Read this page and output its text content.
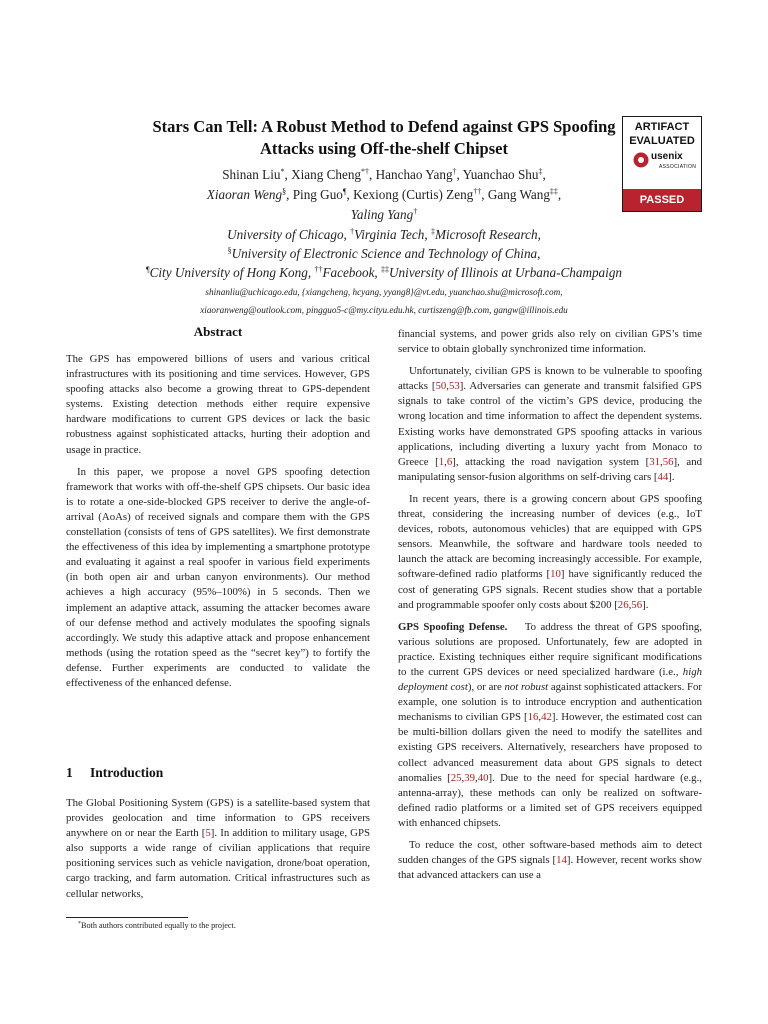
Stars Can Tell: A Robust Method to Defend against GPS Spoofing Attacks using Off-the-shelf Chipset
ARTIFACT
EVALUATED
usenix
ASSOCIATION
PASSED
Shinan Liu*, Xiang Cheng*†, Hanchao Yang†, Yuanchao Shu‡,
Xiaoran Weng§, Ping Guo¶, Kexiong (Curtis) Zeng††, Gang Wang‡‡,
Yaling Yang†
University of Chicago, †Virginia Tech, ‡Microsoft Research,
§University of Electronic Science and Technology of China,
¶City University of Hong Kong, ††Facebook, ‡‡University of Illinois at Urbana-Champaign
shinanliu@uchicago.edu, {xiangcheng, hcyang, yyang8}@vt.edu, yuanchao.shu@microsoft.com,
xiaoranweng@outlook.com, pingguo5-c@my.cityu.edu.hk, curtiszeng@fb.com, gangw@illinois.edu
Abstract

The GPS has empowered billions of users and various critical infrastructures with its positioning and time services. However, GPS spoofing attacks also become a growing threat to GPS-dependent systems. Existing detection methods either require expensive hardware modifications to current GPS devices or lack the basic robustness against sophisticated attacks, hurting their adoption and usage in practice.

In this paper, we propose a novel GPS spoofing detection framework that works with off-the-shelf GPS chipsets. Our basic idea is to rotate a one-side-blocked GPS receiver to derive the angle-of-arrival (AoAs) of received signals and compare them with the GPS constellation (consists of tens of GPS satellites). We first demonstrate the effectiveness of this idea by implementing a smartphone prototype and evaluating it against a real spoofer in various field experiments (in both open air and urban canyon environments). Our method achieves a high accuracy (95%–100%) in 5 seconds. Then we implement an adaptive attack, assuming the attacker becomes aware of our defense method and actively modulates the spoofing signals accordingly. We study this adaptive attack and propose enhancement methods (using the rotation speed as the “secret key”) to fortify the defense. Further experiments are conducted to validate the effectiveness of the enhanced defense.

1 Introduction

The Global Positioning System (GPS) is a satellite-based system that provides geolocation and time information to GPS receivers anywhere on or near the Earth [5]. In addition to military usage, GPS also supports a wide range of civilian applications that require positioning services such as vehicle navigation, drone/boat operation, cargo tracking, and farm automation. Critical infrastructures such as cellular networks,

*Both authors contributed equally to the project.

financial systems, and power grids also rely on civilian GPS’s time service to obtain globally synchronized time information.

Unfortunately, civilian GPS is known to be vulnerable to spoofing attacks [50,53]. Adversaries can generate and transmit falsified GPS signals to take control of the victim’s GPS device, producing the wrong location and time information to affect the dependent systems. Existing works have demonstrated GPS spoofing attacks in various applications, including diverting a luxury yacht from Monaco to Greece [1,6], attacking the road navigation system [31,56], and manipulating sensor-fusion algorithms on self-driving cars [44].

In recent years, there is a growing concern about GPS spoofing threat, considering the increasing number of devices (e.g., IoT devices, robots, autonomous vehicles) that are equipped with GPS sensors. Meanwhile, the software and hardware tools needed to launch the attack are becoming increasingly accessible. For example, software-defined radio platforms [10] have significantly reduced the cost of generating GPS signals. Recent studies show that a portable and programmable spoofer only costs about $200 [26,56].

GPS Spoofing Defense. To address the threat of GPS spoofing, various solutions are proposed. Unfortunately, few are adopted in practice. Existing techniques either require significant modifications to the current GPS devices or need specialized hardware (i.e., high deployment cost), or are not robust against sophisticated attackers. For example, one solution is to introduce encryption and authentication mechanisms to civilian GPS [16,42]. However, the estimated cost can be multi-billion dollars given the need to modify the satellites and existing GPS receivers. Alternatively, researchers have proposed to collect advanced measurement data about GPS signals to detect anomalies [25,39,40]. Due to the need for special hardware (e.g., antenna-array), these methods can only be realized on software-defined radio platforms or a limited set of GPS receivers equipped with enhanced chipsets.

To reduce the cost, other software-based methods aim to detect sudden changes of the GPS signals [14]. However, recent works show that advanced attackers can use a
